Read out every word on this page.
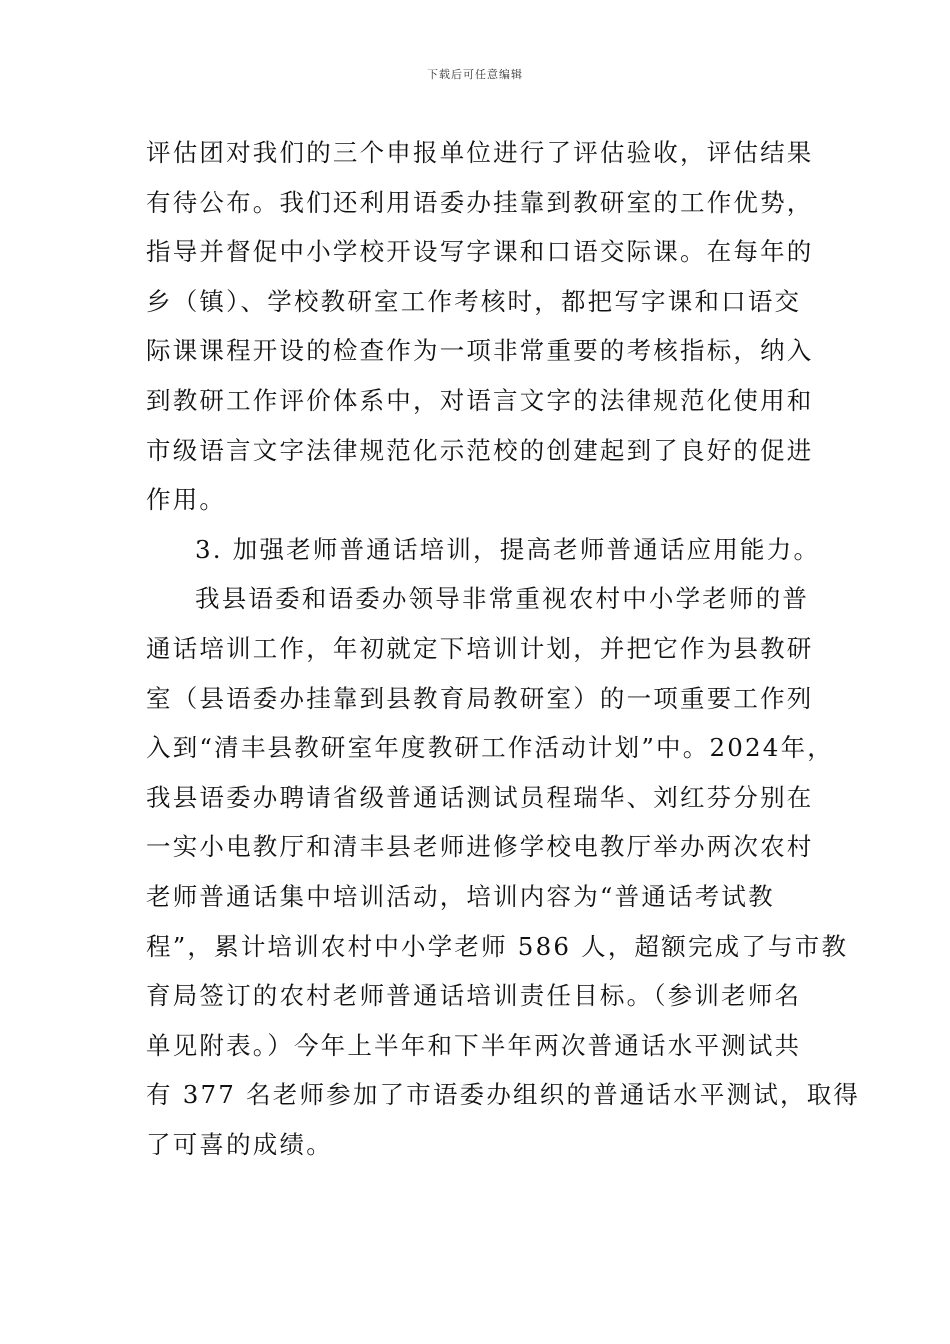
下载后可任意编辑
评估团对我们的三个申报单位进行了评估验收，评估结果
有待公布。我们还利用语委办挂靠到教研室的工作优势，
指导并督促中小学校开设写字课和口语交际课。在每年的
乡（镇）、学校教研室工作考核时，都把写字课和口语交
际课课程开设的检查作为一项非常重要的考核指标，纳入
到教研工作评价体系中，对语言文字的法律规范化使用和
市级语言文字法律规范化示范校的创建起到了良好的促进
作用。
3. 加强老师普通话培训，提高老师普通话应用能力。
我县语委和语委办领导非常重视农村中小学老师的普
通话培训工作，年初就定下培训计划，并把它作为县教研
室（县语委办挂靠到县教育局教研室）的一项重要工作列
入到“清丰县教研室年度教研工作活动计划”中。2024年，
我县语委办聘请省级普通话测试员程瑞华、刘红芬分别在
一实小电教厅和清丰县老师进修学校电教厅举办两次农村
老师普通话集中培训活动，培训内容为“普通话考试教
程”，累计培训农村中小学老师 586 人，超额完成了与市教
育局签订的农村老师普通话培训责任目标。（参训老师名
单见附表。）今年上半年和下半年两次普通话水平测试共
有 377 名老师参加了市语委办组织的普通话水平测试，取得
了可喜的成绩。
